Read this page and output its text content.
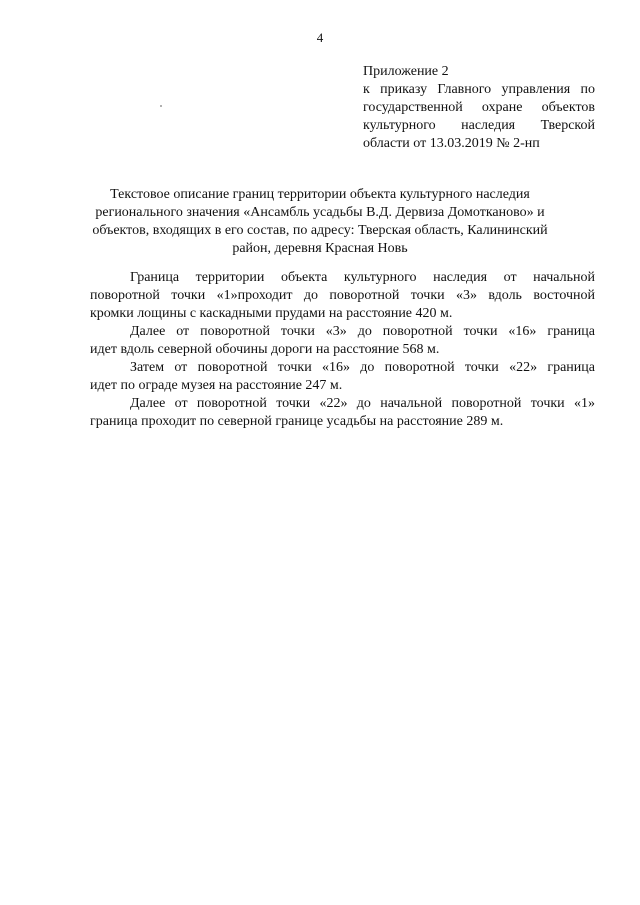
4
Приложение 2
к приказу Главного управления по
государственной охране объектов
культурного наследия Тверской
области от 13.03.2019 № 2-нп
Текстовое описание границ территории объекта культурного наследия
регионального значения «Ансамбль усадьбы В.Д. Дервиза Домотканово» и
объектов, входящих в его состав, по адресу: Тверская область, Калининский
район, деревня Красная Новь
Граница территории объекта культурного наследия от начальной
поворотной точки «1»проходит до поворотной точки «3» вдоль восточной
кромки лощины с каскадными прудами на расстояние 420 м.
Далее от поворотной точки «3» до поворотной точки «16» граница
идет вдоль северной обочины дороги на расстояние 568 м.
Затем от поворотной точки «16» до поворотной точки «22» граница
идет по ограде музея на расстояние 247 м.
Далее от поворотной точки «22» до начальной поворотной точки «1»
граница проходит по северной границе усадьбы на расстояние 289 м.
